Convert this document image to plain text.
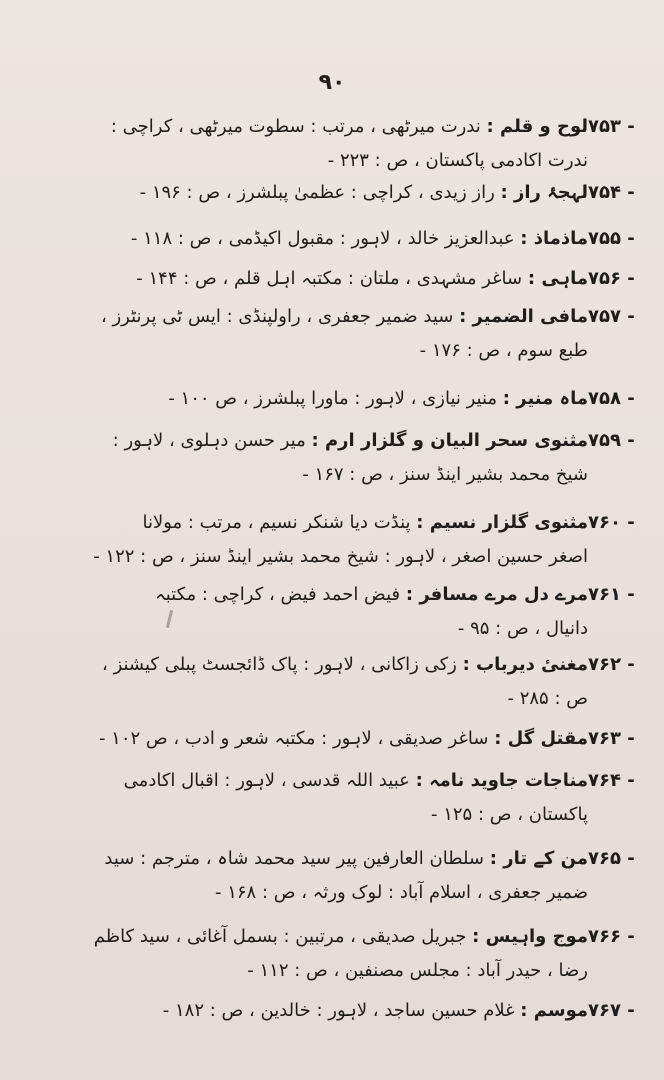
۹۰
۷۵۳ -
لوح و قلم : ندرت میرٹھی ، مرتب : سطوت میرٹھی ، کراچی :
ندرت اکادمی پاکستان ، ص : ۲۲۳ -
۷۵۴ -
لہجۂ راز : راز زیدی ، کراچی : عظمیٰ پبلشرز ، ص : ۱۹۶ -
۷۵۵ -
ماذماذ : عبدالعزیز خالد ، لاہور : مقبول اکیڈمی ، ص : ۱۱۸ -
۷۵۶ -
ماہی : ساغر مشہدی ، ملتان : مکتبہ اہل قلم ، ص : ۱۴۴ -
۷۵۷ -
مافی الضمیر : سید ضمیر جعفری ، راولپنڈی : ایس ٹی پرنٹرز ،
طبع سوم ، ص : ۱۷۶ -
۷۵۸ -
ماہ منیر : منیر نیازی ، لاہور : ماورا پبلشرز ، ص ۱۰۰ -
۷۵۹ -
مثنوی سحر البیان و گلزار ارم : میر حسن دہلوی ، لاہور :
شیخ محمد بشیر اینڈ سنز ، ص : ۱۶۷ -
۷۶۰ -
مثنوی گلزار نسیم : پنڈت دیا شنکر نسیم ، مرتب : مولانا
اصغر حسین اصغر ، لاہور : شیخ محمد بشیر اینڈ سنز ، ص : ۱۲۲ -
۷۶۱ -
مرے دل مرے مسافر : فیض احمد فیض ، کراچی : مکتبہ
دانیال ، ص : ۹۵ -
۷۶۲ -
مغنیٔ دیرباب : زکی زاکانی ، لاہور : پاک ڈائجسٹ پبلی کیشنز ،
ص : ۲۸۵ -
۷۶۳ -
مقتل گل : ساغر صدیقی ، لاہور : مکتبہ شعر و ادب ، ص ۱۰۲ -
۷۶۴ -
مناجات جاوید نامہ : عبید اللہ قدسی ، لاہور : اقبال اکادمی
پاکستان ، ص : ۱۲۵ -
۷۶۵ -
من کے تار : سلطان العارفین پیر سید محمد شاہ ، مترجم : سید
ضمیر جعفری ، اسلام آباد : لوک ورثہ ، ص : ۱۶۸ -
۷۶۶ -
موج واہیس : جبریل صدیقی ، مرتبین : بسمل آغائی ، سید کاظم
رضا ، حیدر آباد : مجلس مصنفین ، ص : ۱۱۲ -
۷۶۷ -
موسم : غلام حسین ساجد ، لاہور : خالدین ، ص : ۱۸۲ -
